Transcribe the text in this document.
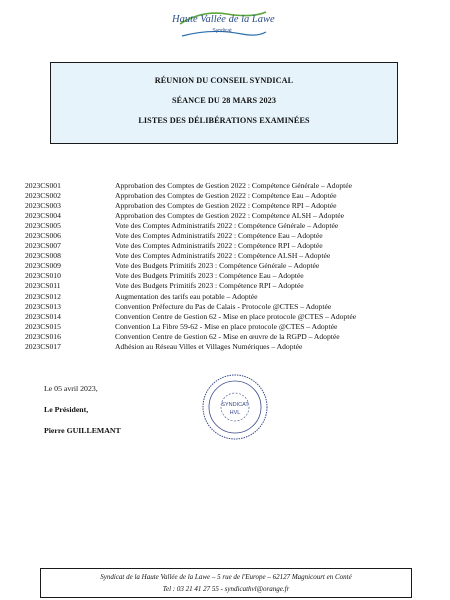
Haute Vallée de la Lawe
Syndicat
RÉUNION DU CONSEIL SYNDICAL
SÉANCE DU 28 MARS 2023
LISTES DES DÉLIBÉRATIONS EXAMINÉES
2023CS001	Approbation des Comptes de Gestion 2022 : Compétence Générale – Adoptée
2023CS002	Approbation des Comptes de Gestion 2022 : Compétence Eau – Adoptée
2023CS003	Approbation des Comptes de Gestion 2022 : Compétence RPI – Adoptée
2023CS004	Approbation des Comptes de Gestion 2022 : Compétence ALSH – Adoptée
2023CS005	Vote des Comptes Administratifs 2022 : Compétence Générale – Adoptée
2023CS006	Vote des Comptes Administratifs 2022 : Compétence Eau – Adoptée
2023CS007	Vote des Comptes Administratifs 2022 : Compétence RPI – Adoptée
2023CS008	Vote des Comptes Administratifs 2022 : Compétence ALSH – Adoptée
2023CS009	Vote des Budgets Primitifs 2023 : Compétence Générale – Adoptée
2023CS010	Vote des Budgets Primitifs 2023 : Compétence Eau – Adoptée
2023CS011	Vote des Budgets Primitifs 2023 : Compétence RPI – Adoptée
2023CS012	Augmentation des tarifs eau potable – Adoptée
2023CS013	Convention Préfecture du Pas de Calais - Protocole @CTES – Adoptée
2023CS014	Convention Centre de Gestion 62 - Mise en place protocole @CTES – Adoptée
2023CS015	Convention La Fibre 59-62 - Mise en place protocole @CTES – Adoptée
2023CS016	Convention Centre de Gestion 62 - Mise en œuvre de la RGPD – Adoptée
2023CS017	Adhésion au Réseau Villes et Villages Numériques – Adoptée
Le 05 avril 2023,
Le Président,
Pierre GUILLEMANT
SYNDICAT
HVL
Syndicat de la Haute Vallée de la Lawe – 5 rue de l'Europe – 62127 Magnicourt en Conté
Tel : 03 21 41 27 55 - syndicathvl@orange.fr
